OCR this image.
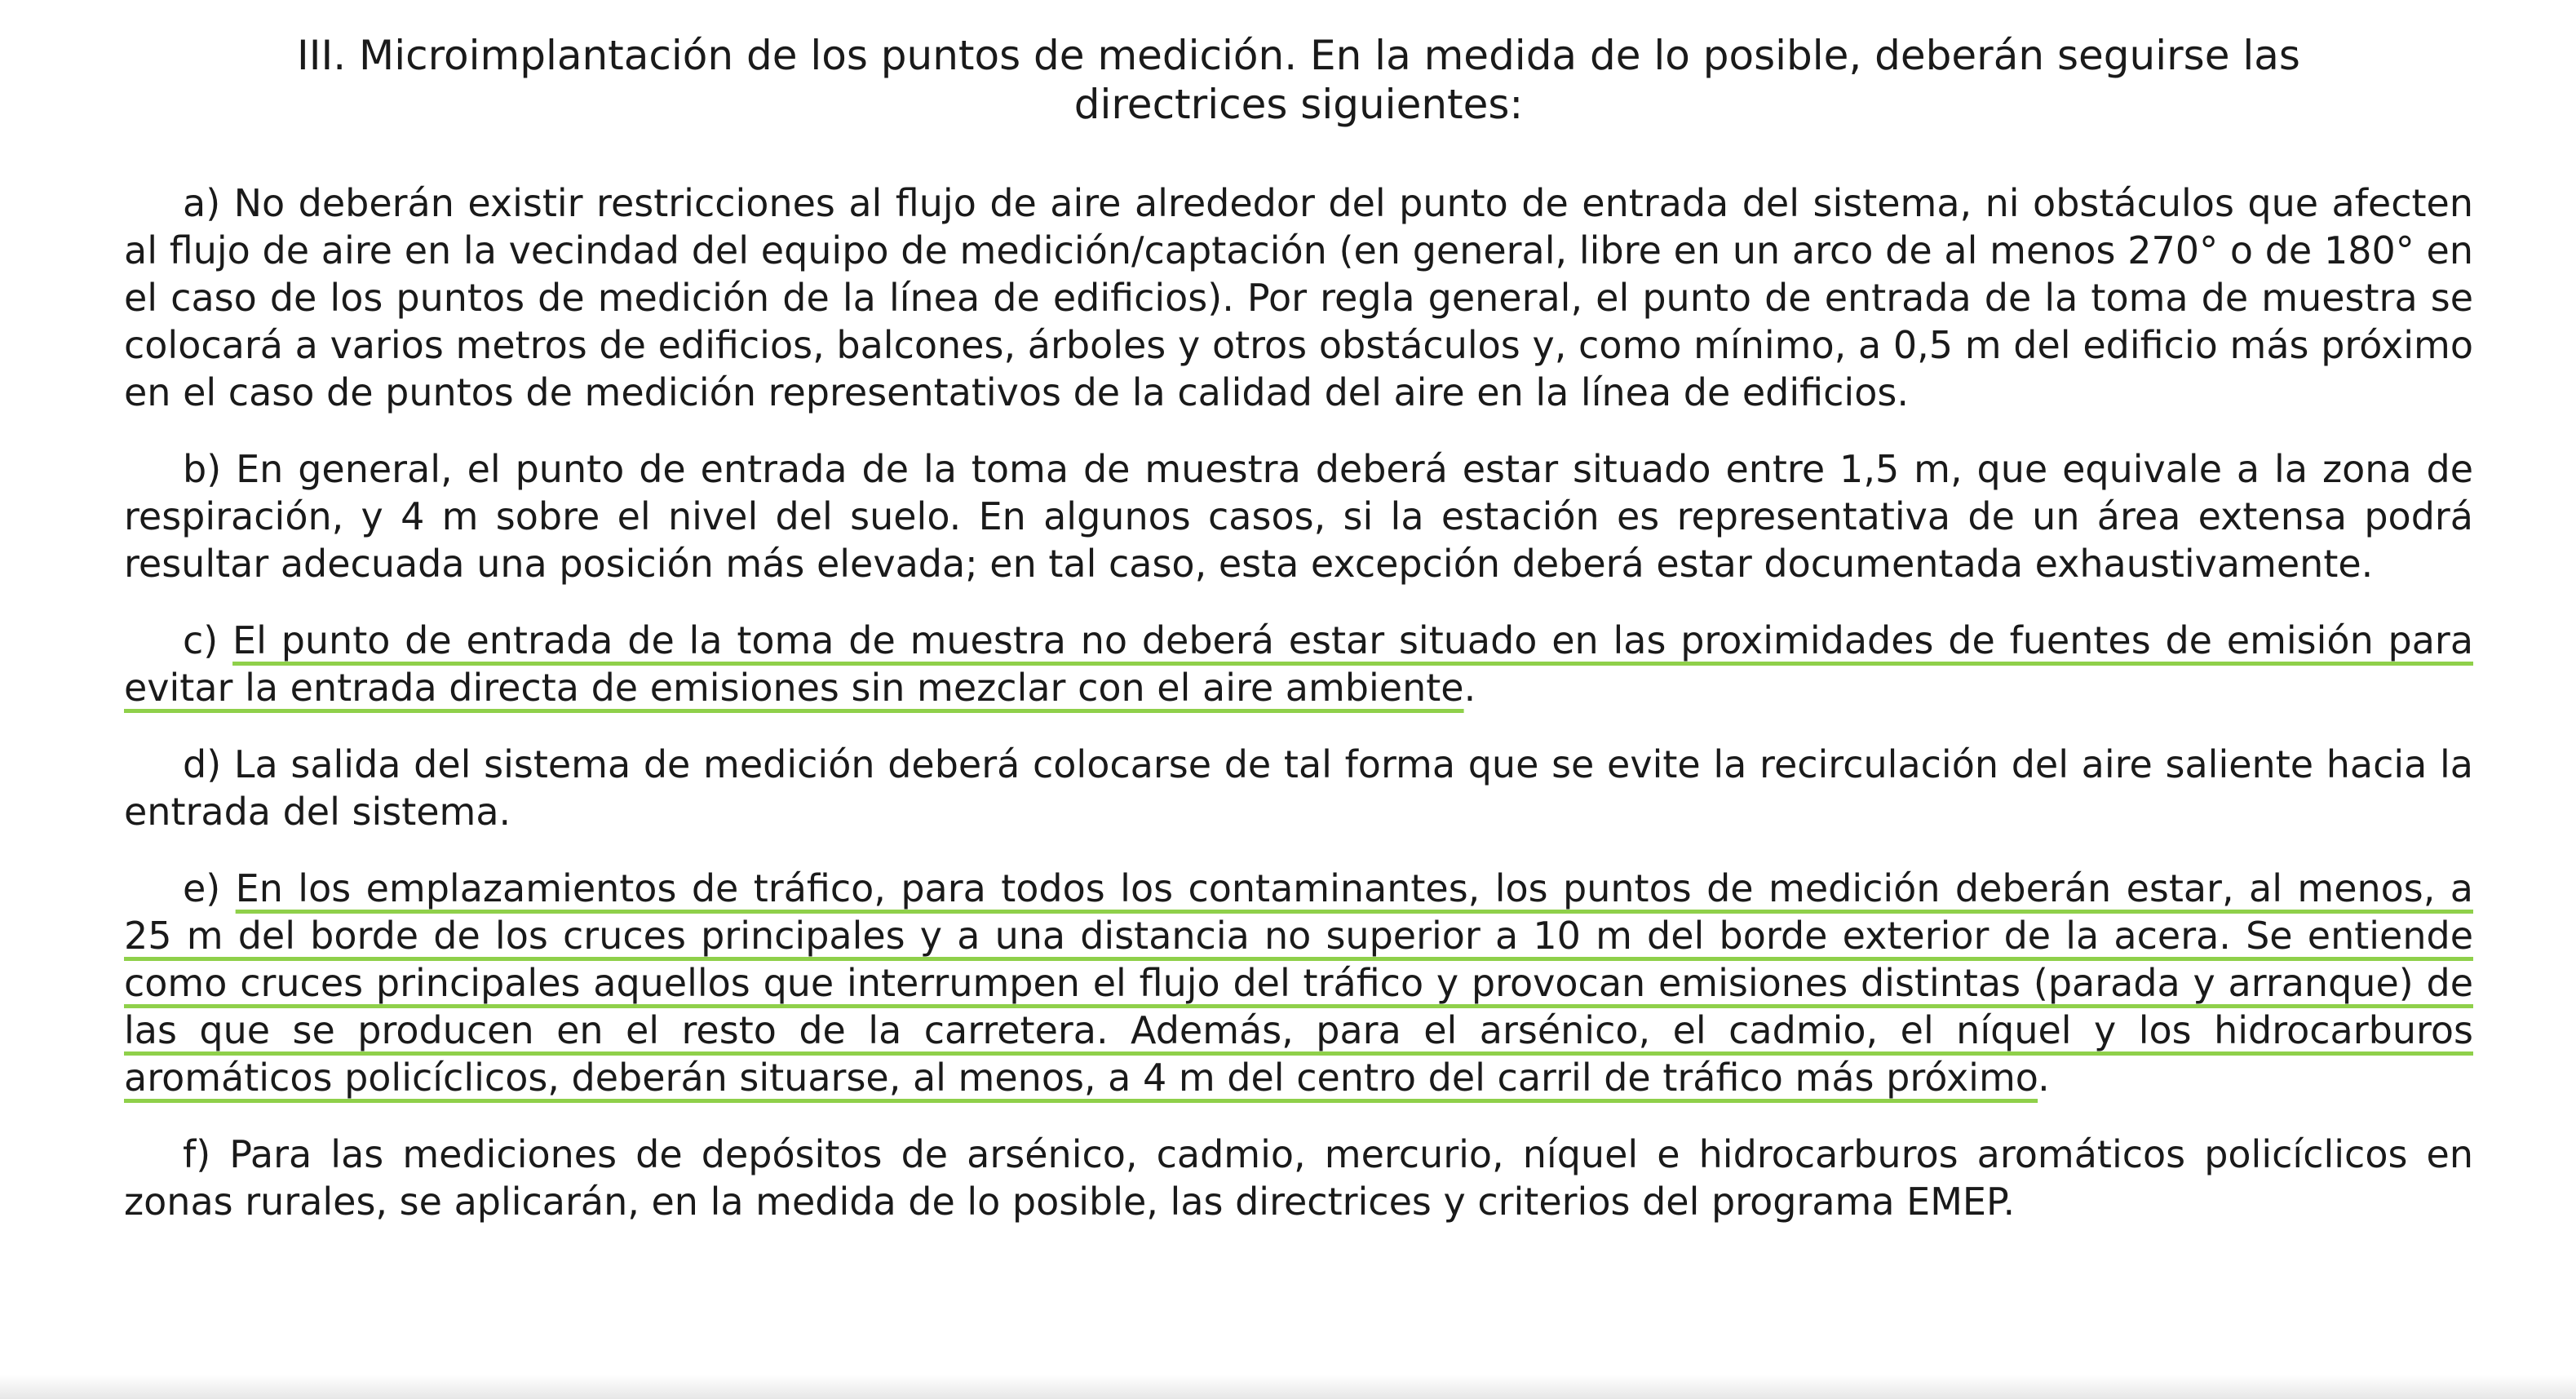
III. Microimplantación de los puntos de medición. En la medida de lo posible, deberán seguirse las directrices siguientes:

a) No deberán existir restricciones al flujo de aire alrededor del punto de entrada del sistema, ni obstáculos que afecten al flujo de aire en la vecindad del equipo de medición/captación (en general, libre en un arco de al menos 270° o de 180° en el caso de los puntos de medición de la línea de edificios). Por regla general, el punto de entrada de la toma de muestra se colocará a varios metros de edificios, balcones, árboles y otros obstáculos y, como mínimo, a 0,5 m del edificio más próximo en el caso de puntos de medición representativos de la calidad del aire en la línea de edificios.

b) En general, el punto de entrada de la toma de muestra deberá estar situado entre 1,5 m, que equivale a la zona de respiración, y 4 m sobre el nivel del suelo. En algunos casos, si la estación es representativa de un área extensa podrá resultar adecuada una posición más elevada; en tal caso, esta excepción deberá estar documentada exhaustivamente.

c) El punto de entrada de la toma de muestra no deberá estar situado en las proximidades de fuentes de emisión para evitar la entrada directa de emisiones sin mezclar con el aire ambiente.

d) La salida del sistema de medición deberá colocarse de tal forma que se evite la recirculación del aire saliente hacia la entrada del sistema.

e) En los emplazamientos de tráfico, para todos los contaminantes, los puntos de medición deberán estar, al menos, a 25 m del borde de los cruces principales y a una distancia no superior a 10 m del borde exterior de la acera. Se entiende como cruces principales aquellos que interrumpen el flujo del tráfico y provocan emisiones distintas (parada y arranque) de las que se producen en el resto de la carretera. Además, para el arsénico, el cadmio, el níquel y los hidrocarburos aromáticos policíclicos, deberán situarse, al menos, a 4 m del centro del carril de tráfico más próximo.

f) Para las mediciones de depósitos de arsénico, cadmio, mercurio, níquel e hidrocarburos aromáticos policíclicos en zonas rurales, se aplicarán, en la medida de lo posible, las directrices y criterios del programa EMEP.
